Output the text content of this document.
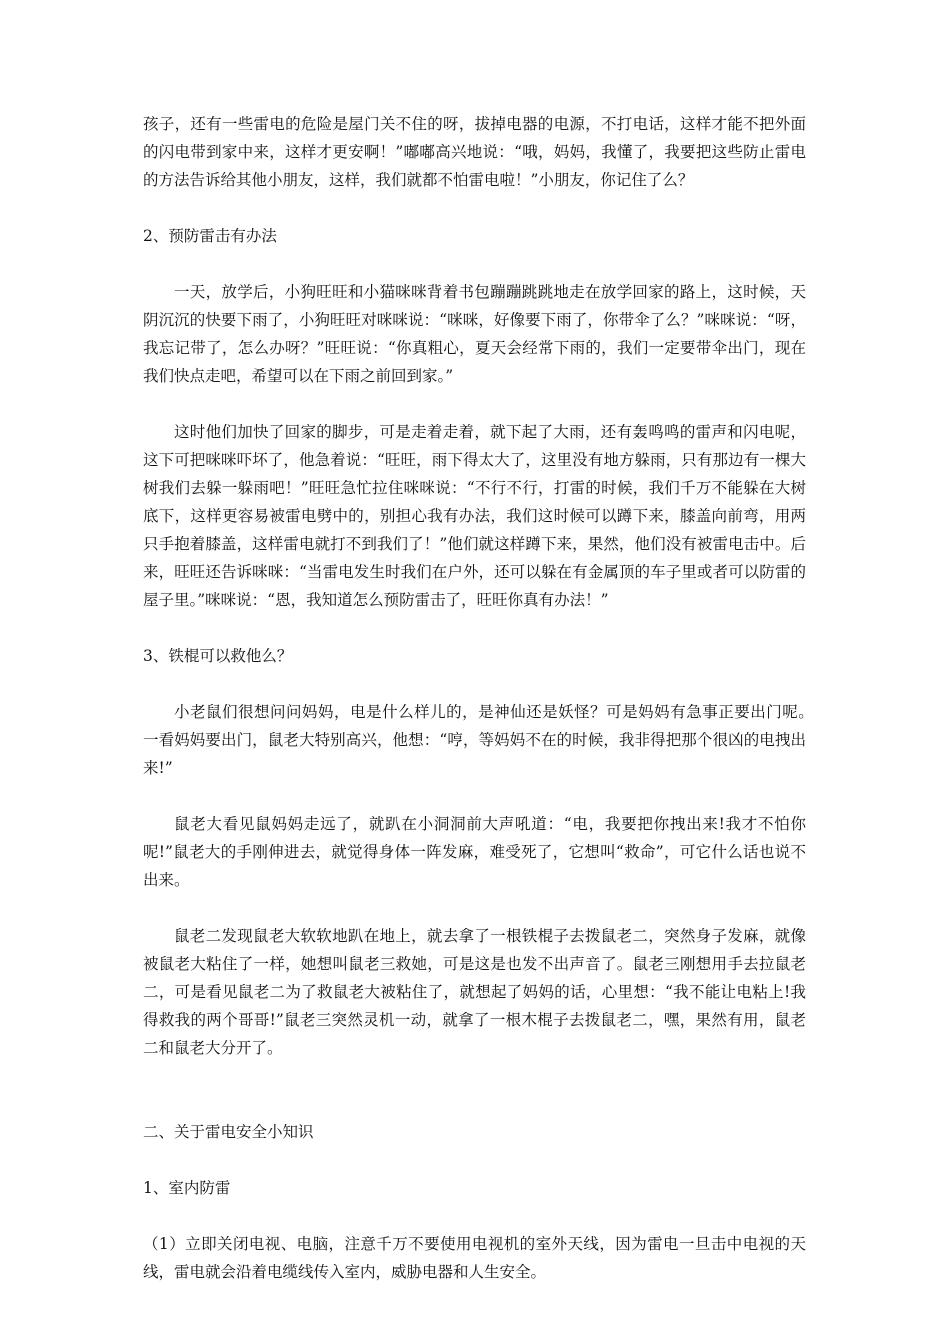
孩子，还有一些雷电的危险是屋门关不住的呀，拔掉电器的电源，不打电话，这样才能不把外面的闪电带到家中来，这样才更安啊！”嘟嘟高兴地说：“哦，妈妈，我懂了，我要把这些防止雷电的方法告诉给其他小朋友，这样，我们就都不怕雷电啦！”小朋友，你记住了么？

2、预防雷击有办法

一天，放学后，小狗旺旺和小猫咪咪背着书包蹦蹦跳跳地走在放学回家的路上，这时候，天阴沉沉的快要下雨了，小狗旺旺对咪咪说：“咪咪，好像要下雨了，你带伞了么？”咪咪说：“呀，我忘记带了，怎么办呀？”旺旺说：“你真粗心，夏天会经常下雨的，我们一定要带伞出门，现在我们快点走吧，希望可以在下雨之前回到家。”

这时他们加快了回家的脚步，可是走着走着，就下起了大雨，还有轰鸣鸣的雷声和闪电呢，这下可把咪咪吓坏了，他急着说：“旺旺，雨下得太大了，这里没有地方躲雨，只有那边有一棵大树我们去躲一躲雨吧！”旺旺急忙拉住咪咪说：“不行不行，打雷的时候，我们千万不能躲在大树底下，这样更容易被雷电劈中的，别担心我有办法，我们这时候可以蹲下来，膝盖向前弯，用两只手抱着膝盖，这样雷电就打不到我们了！”他们就这样蹲下来，果然，他们没有被雷电击中。后来，旺旺还告诉咪咪：“当雷电发生时我们在户外，还可以躲在有金属顶的车子里或者可以防雷的屋子里。”咪咪说：“恩，我知道怎么预防雷击了，旺旺你真有办法！”

3、铁棍可以救他么？

小老鼠们很想问问妈妈，电是什么样儿的，是神仙还是妖怪？可是妈妈有急事正要出门呢。　一看妈妈要出门，鼠老大特别高兴，他想：“哼，等妈妈不在的时候，我非得把那个很凶的电拽出来!”

鼠老大看见鼠妈妈走远了，就趴在小洞洞前大声吼道：“电，我要把你拽出来!我才不怕你呢!”鼠老大的手刚伸进去，就觉得身体一阵发麻，难受死了，它想叫“救命”，可它什么话也说不出来。

鼠老二发现鼠老大软软地趴在地上，就去拿了一根铁棍子去拨鼠老二，突然身子发麻，就像被鼠老大粘住了一样，她想叫鼠老三救她，可是这是也发不出声音了。鼠老三刚想用手去拉鼠老二，可是看见鼠老二为了救鼠老大被粘住了，就想起了妈妈的话，心里想：“我不能让电粘上!我得救我的两个哥哥!”鼠老三突然灵机一动，就拿了一根木棍子去拨鼠老二，嘿，果然有用，鼠老二和鼠老大分开了。

二、关于雷电安全小知识

1、室内防雷

（1）立即关闭电视、电脑，注意千万不要使用电视机的室外天线，因为雷电一旦击中电视的天线，雷电就会沿着电缆线传入室内，威胁电器和人生安全。
